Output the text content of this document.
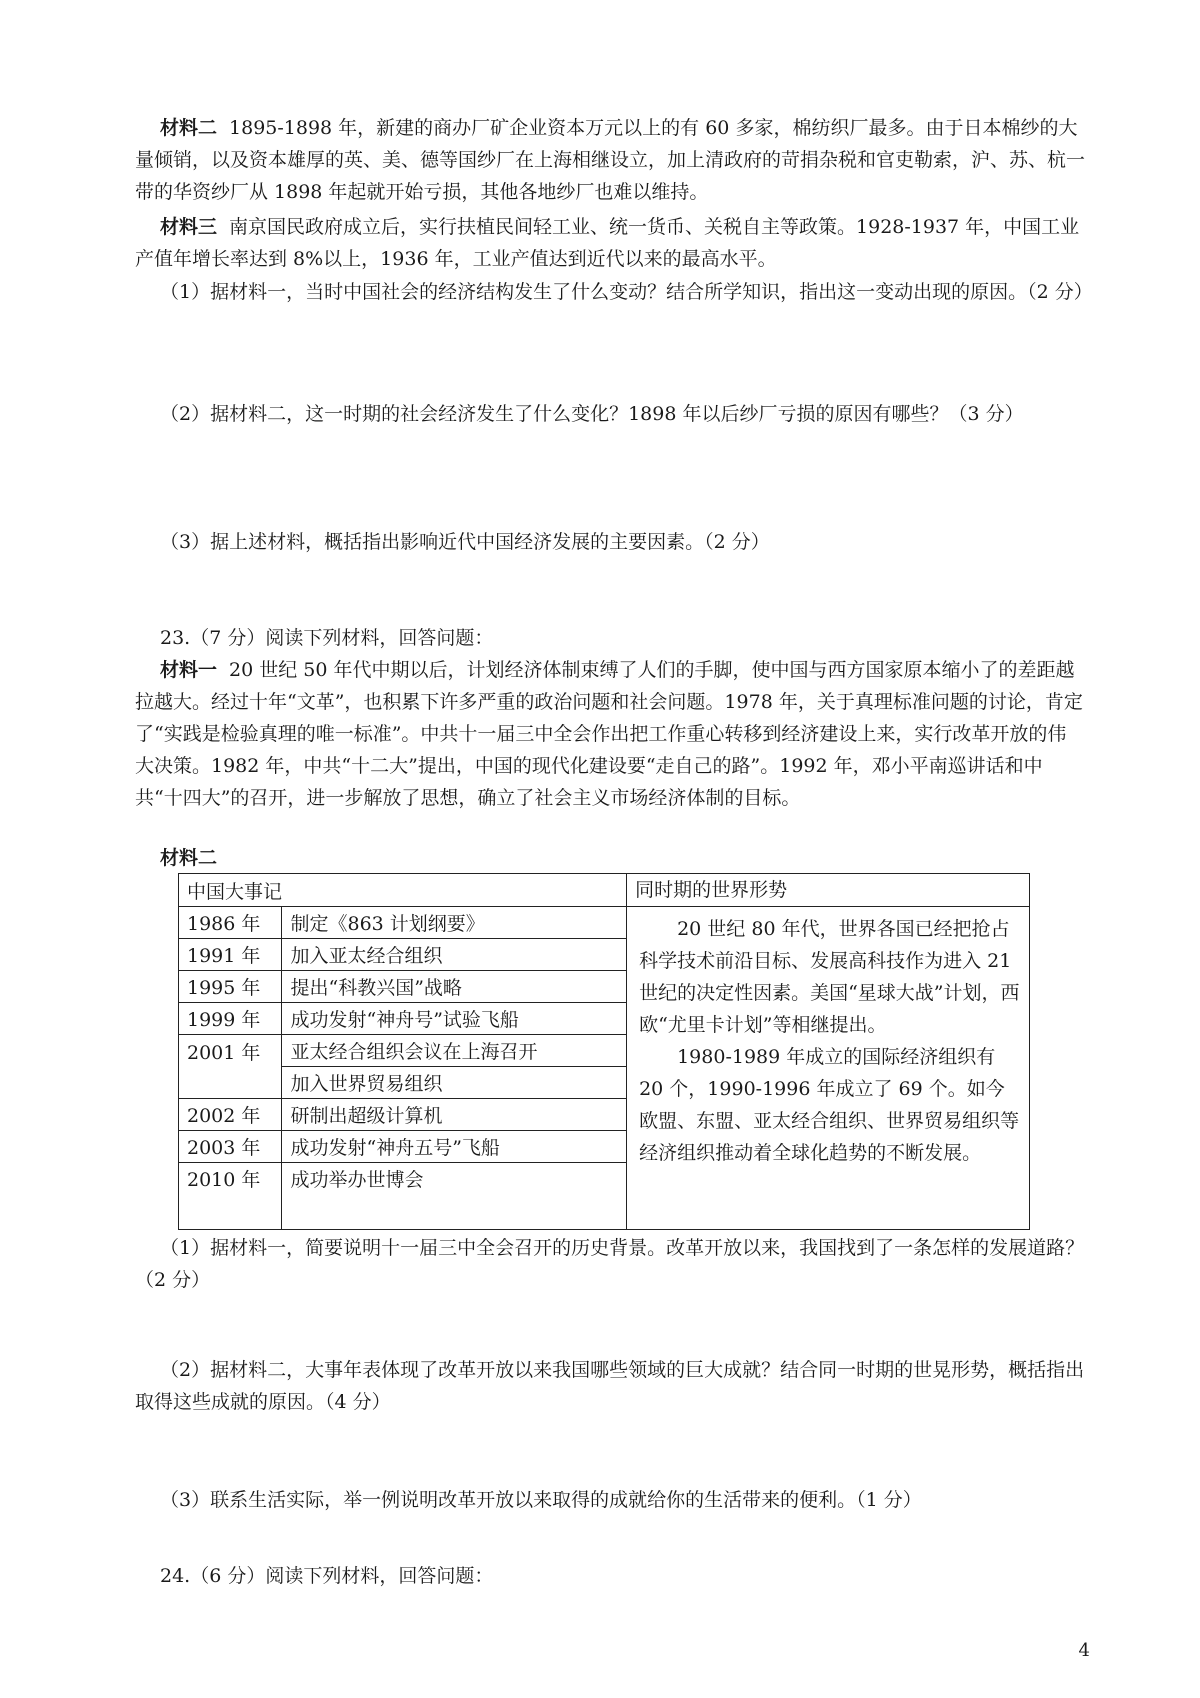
材料二 1895-1898 年，新建的商办厂矿企业资本万元以上的有 60 多家，棉纺织厂最多。由于日本棉纱的大量倾销，以及资本雄厚的英、美、德等国纱厂在上海相继设立，加上清政府的苛捐杂税和官吏勒索，沪、苏、杭一带的华资纱厂从 1898 年起就开始亏损，其他各地纱厂也难以维持。

材料三 南京国民政府成立后，实行扶植民间轻工业、统一货币、关税自主等政策。1928-1937 年，中国工业产值年增长率达到 8%以上，1936 年，工业产值达到近代以来的最高水平。

（1）据材料一，当时中国社会的经济结构发生了什么变动？结合所学知识，指出这一变动出现的原因。（2 分）

（2）据材料二，这一时期的社会经济发生了什么变化？1898 年以后纱厂亏损的原因有哪些？（3 分）

（3）据上述材料，概括指出影响近代中国经济发展的主要因素。（2 分）

23.（7 分）阅读下列材料，回答问题：

材料一 20 世纪 50 年代中期以后，计划经济体制束缚了人们的手脚，使中国与西方国家原本缩小了的差距越拉越大。经过十年“文革”，也积累下许多严重的政治问题和社会问题。1978 年，关于真理标准问题的讨论，肯定了“实践是检验真理的唯一标准”。中共十一届三中全会作出把工作重心转移到经济建设上来，实行改革开放的伟大决策。1982 年，中共“十二大”提出，中国的现代化建设要“走自己的路”。1992 年，邓小平南巡讲话和中共“十四大”的召开，进一步解放了思想，确立了社会主义市场经济体制的目标。

材料二

中国大事记		同时期的世界形势
1986 年	制定《863 计划纲要》	20 世纪 80 年代，世界各国已经把抢占科学技术前沿目标、发展高科技作为进入 21 世纪的决定性因素。美国“星球大战”计划，西欧“尤里卡计划”等相继提出。

1980-1989 年成立的国际经济组织有 20 个，1990-1996 年成立了 69 个。如今欧盟、东盟、亚太经合组织、世界贸易组织等经济组织推动着全球化趋势的不断发展。

1991 年	加入亚太经合组织	
1995 年	提出“科教兴国”战略	
1999 年	成功发射“神舟号”试验飞船	
2001 年	亚太经合组织会议在上海召开	
	加入世界贸易组织	
2002 年	研制出超级计算机	
2003 年	成功发射“神舟五号”飞船	
2010 年	成功举办世博会	

（1）据材料一，简要说明十一届三中全会召开的历史背景。改革开放以来，我国找到了一条怎样的发展道路？（2 分）

（2）据材料二，大事年表体现了改革开放以来我国哪些领域的巨大成就？结合同一时期的世晃形势，概括指出取得这些成就的原因。（4 分）

（3）联系生活实际，举一例说明改革开放以来取得的成就给你的生活带来的便利。（1 分）

24.（6 分）阅读下列材料，回答问题：

4
